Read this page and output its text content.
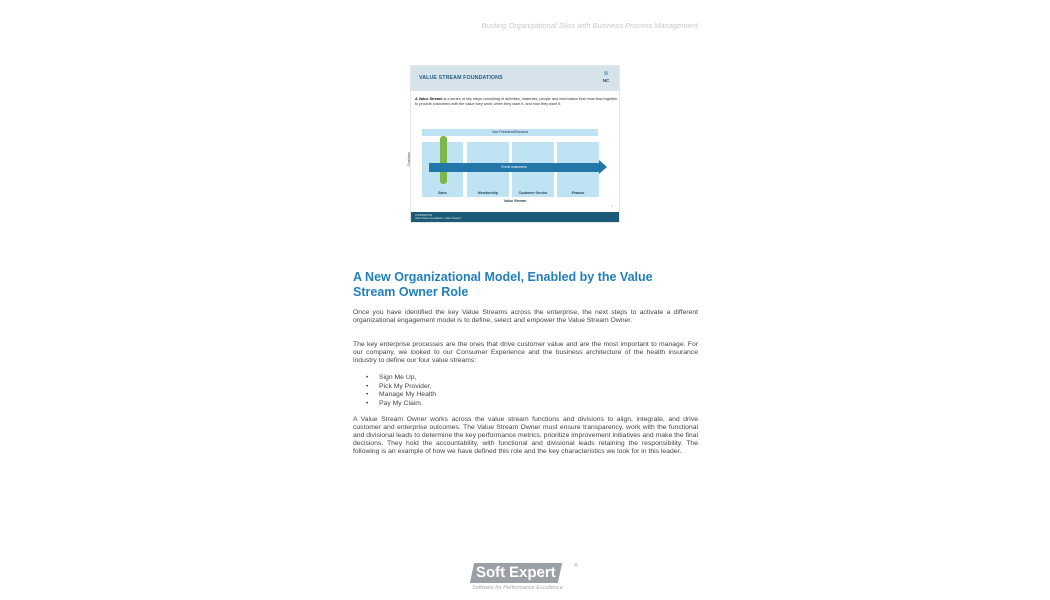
Busting Organizational Silos with Business Process Management
VALUE STREAM FOUNDATIONS
≋
NC
A Value Stream is a series of key steps consisting of activities, materials, people and information that must flow together to provide customers with the value they want, when they want it, and how they want it.
Vice President/Directors
Sales	Membership	Customer Service	Finance
Enroll customers
Functions
Value Stream
1
CONFIDENTIAL
Value Stream Foundations • Value Streams
A New Organizational Model, Enabled by the Value Stream Owner Role

Once you have identified the key Value Streams across the enterprise, the next steps to activate a different organizational engagement model is to define, select and empower the Value Stream Owner.

The key enterprise processes are the ones that drive customer value and are the most important to manage. For our company, we looked to our Consumer Experience and the business architecture of the health insurance industry to define our four value streams:

• Sign Me Up,
• Pick My Provider,
• Manage My Health
• Pay My Claim.

A Value Stream Owner works across the value stream functions and divisions to align, integrate, and drive customer and enterprise outcomes. The Value Stream Owner must ensure transparency, work with the functional and divisional leads to determine the key performance metrics, prioritize improvement initiatives and make the final decisions. They hold the accountability, with functional and divisional leads retaining the responsibility. The following is an example of how we have defined this role and the key characteristics we look for in this leader.

Soft Expert	®
Software for Performance Excellence
